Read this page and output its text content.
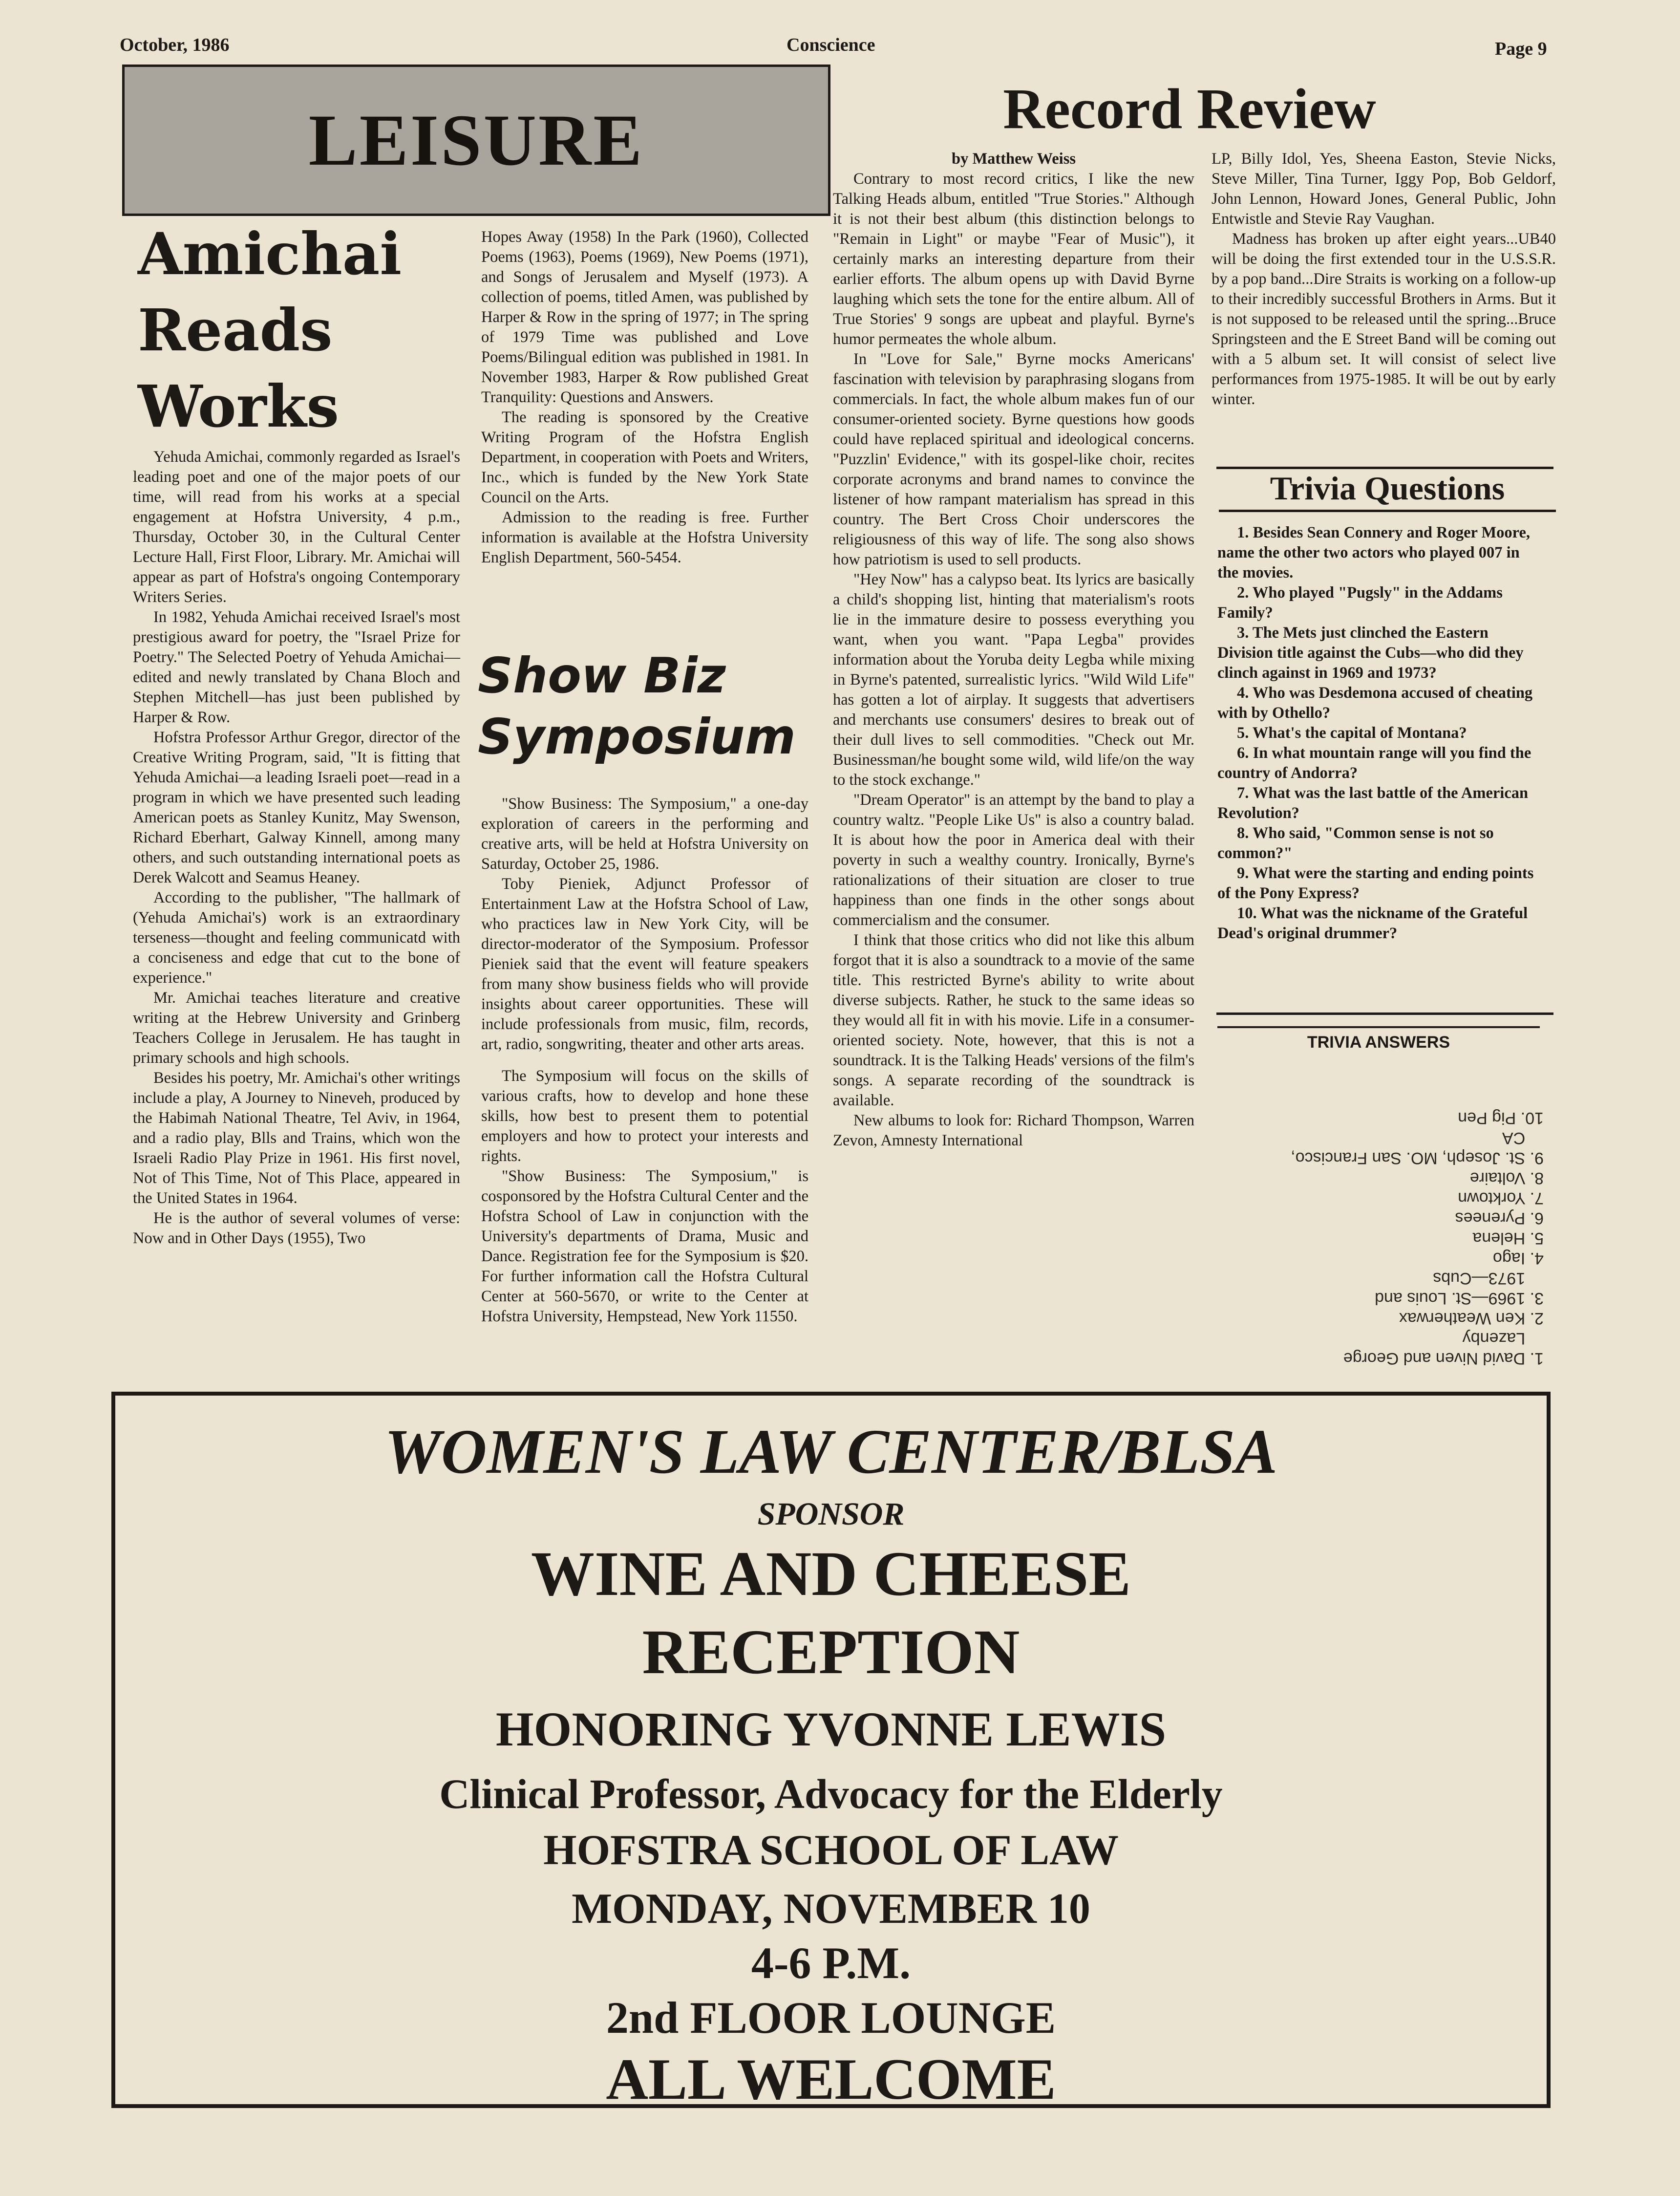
October, 1986	Conscience	Page 9
LEISURE
Amichai
Reads
Works

Yehuda Amichai, commonly regarded as Israel's leading poet and one of the major poets of our time, will read from his works at a special engagement at Hofstra University, 4 p.m., Thursday, October 30, in the Cultural Center Lecture Hall, First Floor, Library. Mr. Amichai will appear as part of Hofstra's ongoing Contemporary Writers Series.

In 1982, Yehuda Amichai received Israel's most prestigious award for poetry, the "Israel Prize for Poetry." The Selected Poetry of Yehuda Amichai—edited and newly translated by Chana Bloch and Stephen Mitchell—has just been published by Harper & Row.

Hofstra Professor Arthur Gregor, director of the Creative Writing Program, said, "It is fitting that Yehuda Amichai—a leading Israeli poet—read in a program in which we have presented such leading American poets as Stanley Kunitz, May Swenson, Richard Eberhart, Galway Kinnell, among many others, and such outstanding international poets as Derek Walcott and Seamus Heaney.

According to the publisher, "The hallmark of (Yehuda Amichai's) work is an extraordinary terseness—thought and feeling communicatd with a conciseness and edge that cut to the bone of experience."

Mr. Amichai teaches literature and creative writing at the Hebrew University and Grinberg Teachers College in Jerusalem. He has taught in primary schools and high schools.

Besides his poetry, Mr. Amichai's other writings include a play, A Journey to Nineveh, produced by the Habimah National Theatre, Tel Aviv, in 1964, and a radio play, Blls and Trains, which won the Israeli Radio Play Prize in 1961. His first novel, Not of This Time, Not of This Place, appeared in the United States in 1964.

He is the author of several volumes of verse: Now and in Other Days (1955), Two

Hopes Away (1958) In the Park (1960), Collected Poems (1963), Poems (1969), New Poems (1971), and Songs of Jerusalem and Myself (1973). A collection of poems, titled Amen, was published by Harper & Row in the spring of 1977; in The spring of 1979 Time was published and Love Poems/Bilingual edition was published in 1981. In November 1983, Harper & Row published Great Tranquility: Questions and Answers.

The reading is sponsored by the Creative Writing Program of the Hofstra English Department, in cooperation with Poets and Writers, Inc., which is funded by the New York State Council on the Arts.

Admission to the reading is free. Further information is available at the Hofstra University English Department, 560-5454.

Show Biz
Symposium

"Show Business: The Symposium," a one-day exploration of careers in the performing and creative arts, will be held at Hofstra University on Saturday, October 25, 1986.

Toby Pieniek, Adjunct Professor of Entertainment Law at the Hofstra School of Law, who practices law in New York City, will be director-moderator of the Symposium. Professor Pieniek said that the event will feature speakers from many show business fields who will provide insights about career opportunities. These will include professionals from music, film, records, art, radio, songwriting, theater and other arts areas.

The Symposium will focus on the skills of various crafts, how to develop and hone these skills, how best to present them to potential employers and how to protect your interests and rights.

"Show Business: The Symposium," is cosponsored by the Hofstra Cultural Center and the Hofstra School of Law in conjunction with the University's departments of Drama, Music and Dance. Registration fee for the Symposium is $20. For further information call the Hofstra Cultural Center at 560-5670, or write to the Center at Hofstra University, Hempstead, New York 11550.

Record Review

by Matthew Weiss

Contrary to most record critics, I like the new Talking Heads album, entitled "True Stories." Although it is not their best album (this distinction belongs to "Remain in Light" or maybe "Fear of Music"), it certainly marks an interesting departure from their earlier efforts. The album opens up with David Byrne laughing which sets the tone for the entire album. All of True Stories' 9 songs are upbeat and playful. Byrne's humor permeates the whole album.

In "Love for Sale," Byrne mocks Americans' fascination with television by paraphrasing slogans from commercials. In fact, the whole album makes fun of our consumer-oriented society. Byrne questions how goods could have replaced spiritual and ideological concerns. "Puzzlin' Evidence," with its gospel-like choir, recites corporate acronyms and brand names to convince the listener of how rampant materialism has spread in this country. The Bert Cross Choir underscores the religiousness of this way of life. The song also shows how patriotism is used to sell products.

"Hey Now" has a calypso beat. Its lyrics are basically a child's shopping list, hinting that materialism's roots lie in the immature desire to possess everything you want, when you want. "Papa Legba" provides information about the Yoruba deity Legba while mixing in Byrne's patented, surrealistic lyrics. "Wild Wild Life" has gotten a lot of airplay. It suggests that advertisers and merchants use consumers' desires to break out of their dull lives to sell commodities. "Check out Mr. Businessman/he bought some wild, wild life/on the way to the stock exchange."

"Dream Operator" is an attempt by the band to play a country waltz. "People Like Us" is also a country balad. It is about how the poor in America deal with their poverty in such a wealthy country. Ironically, Byrne's rationalizations of their situation are closer to true happiness than one finds in the other songs about commercialism and the consumer.

I think that those critics who did not like this album forgot that it is also a soundtrack to a movie of the same title. This restricted Byrne's ability to write about diverse subjects. Rather, he stuck to the same ideas so they would all fit in with his movie. Life in a consumer-oriented society. Note, however, that this is not a soundtrack. It is the Talking Heads' versions of the film's songs. A separate recording of the soundtrack is available.

New albums to look for: Richard Thompson, Warren Zevon, Amnesty International

LP, Billy Idol, Yes, Sheena Easton, Stevie Nicks, Steve Miller, Tina Turner, Iggy Pop, Bob Geldorf, John Lennon, Howard Jones, General Public, John Entwistle and Stevie Ray Vaughan.

Madness has broken up after eight years...UB40 will be doing the first extended tour in the U.S.S.R. by a pop band...Dire Straits is working on a follow-up to their incredibly successful Brothers in Arms. But it is not supposed to be released until the spring...Bruce Springsteen and the E Street Band will be coming out with a 5 album set. It will consist of select live performances from 1975-1985. It will be out by early winter.

Trivia Questions
1. Besides Sean Connery and Roger Moore, name the other two actors who played 007 in the movies.
2. Who played "Pugsly" in the Addams Family?
3. The Mets just clinched the Eastern Division title against the Cubs—who did they clinch against in 1969 and 1973?
4. Who was Desdemona accused of cheating with by Othello?
5. What's the capital of Montana?
6. In what mountain range will you find the country of Andorra?
7. What was the last battle of the American Revolution?
8. Who said, "Common sense is not so common?"
9. What were the starting and ending points of the Pony Express?
10. What was the nickname of the Grateful Dead's original drummer?
TRIVIA ANSWERS
1. David Niven and George
Lazenby
2. Ken Weatherwax
3. 1969—St. Louis and
1973—Cubs
4. Iago
5. Helena
6. Pyrenees
7. Yorktown
8. Voltaire
9. St. Joseph, MO. San Francisco,
CA
10. Pig Pen
WOMEN'S LAW CENTER/BLSA
SPONSOR
WINE AND CHEESE
RECEPTION
HONORING YVONNE LEWIS
Clinical Professor, Advocacy for the Elderly
HOFSTRA SCHOOL OF LAW
MONDAY, NOVEMBER 10
4-6 P.M.
2nd FLOOR LOUNGE
ALL WELCOME
